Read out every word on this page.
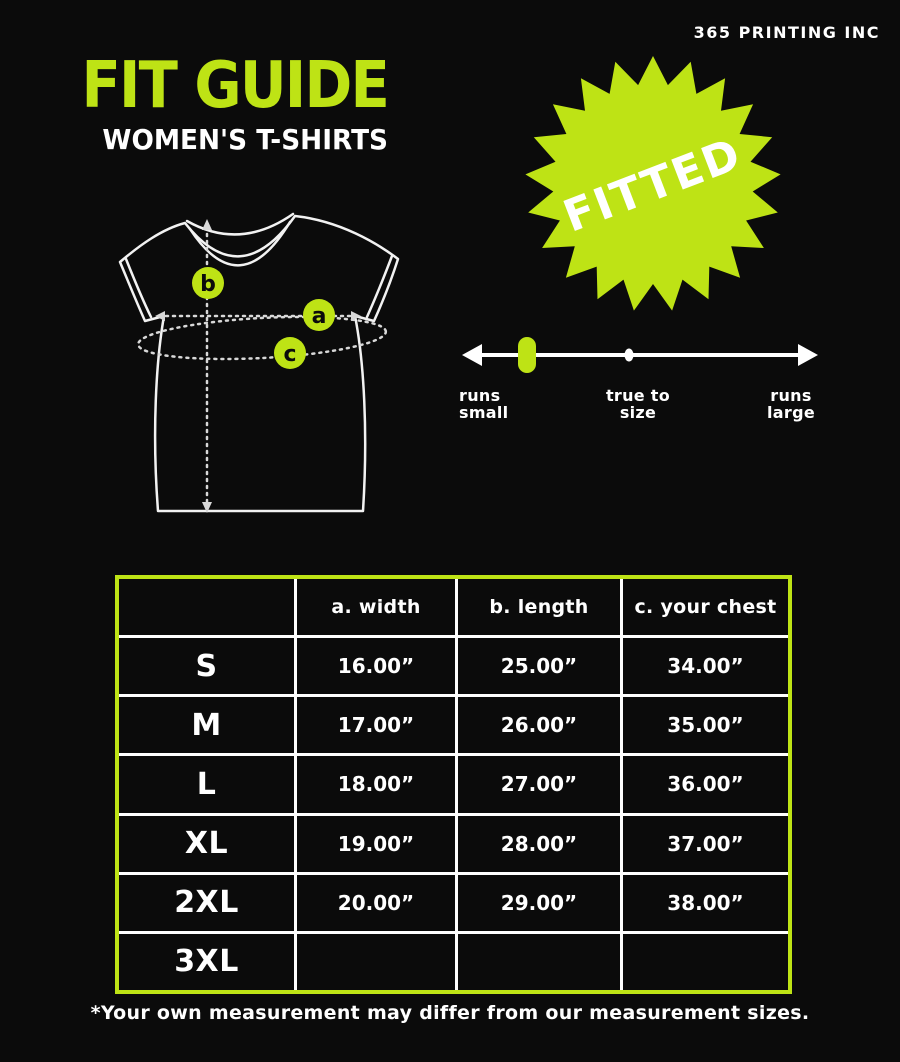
365 PRINTING INC
FIT GUIDE
WOMEN'S T-SHIRTS
b
a
c
FITTED
runs
small
true to
size
runs
large
a. width	b. length	c. your chest
S	16.00”	25.00”	34.00”
M	17.00”	26.00”	35.00”
L	18.00”	27.00”	36.00”
XL	19.00”	28.00”	37.00”
2XL	20.00”	29.00”	38.00”
3XL
*Your own measurement may differ from our measurement sizes.
